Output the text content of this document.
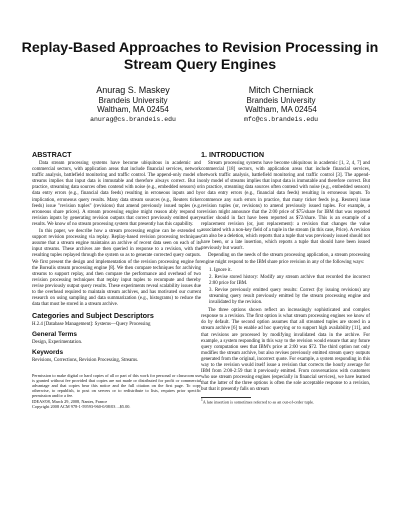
Replay-Based Approaches to Revision Processing in
Stream Query Engines
Anurag S. Maskey
Brandeis University
Waltham, MA 02454
anurag@cs.brandeis.edu
Mitch Cherniack
Brandeis University
Waltham, MA 02454
mfc@cs.brandeis.edu
ABSTRACT

Data stream processing systems have become ubiquitous in academic and commercial sectors, with application areas that include financial services, network traffic analysis, battlefield monitoring and traffic control. The append-only model of streams implies that input data is immutable and therefore always correct. But in practice, streaming data sources often contend with noise (e.g., embedded sensors) or data entry errors (e.g., financial data feeds) resulting in erroneous inputs and by implication, erroneous query results. Many data stream sources (e.g., Reuters ticker feeds) issue "revision tuples" (revisions) that amend previously issued tuples (e.g. erroneous share prices). A stream processing engine might reason ably respond to revision inputs by generating revision outputs that correct previously emitted query results. We know of no stream processing system that presently has this capability.

In this paper, we describe how a stream processing engine can be extended to support revision processing via replay. Replay-based revision processing techniques assume that a stream engine maintains an archive of recent data seen on each of its input streams. These archives are then queried in response to a revision, with the resulting tuples replayed through the system so as to generate corrected query outputs. We first present the design and implementation of the revision processing engine for the Borealis stream processing engine [8]. We then compare techniques for archiving streams to support replay, and then compare the performance and overhead of two revision processing techniques that replay input tuples to recompute and thereby revise previously output query results. These experiments reveal scalability issues due to the overhead required to maintain stream archives, and has motivated our current research on using sampling and data summarization (e.g., histograms) to reduce the data that must be stored in a stream archive.

Categories and Subject Descriptors

H.2.4 [Database Management]: Systems—Query Processing

General Terms

Design, Experimentation.

Keywords

Revisions, Corrections, Revision Processing, Streams.

Permission to make digital or hard copies of all or part of this work for personal or classroom use is granted without fee provided that copies are not made or distributed for profit or commercial advantage and that copies bear this notice and the full citation on the first page. To copy otherwise, to republish, to post on servers or to redistribute to lists, requires prior specific permission and/or a fee.
IDEAS'08, March 29, 2008, Nantes, France
Copyright 2008 ACM 978-1-59593-960-0/08/03 ...$5.00.
1. INTRODUCTION

Stream processing systems have become ubiquitous in academic [1, 2, 4, 7] and commercial [18] sectors, with application areas that include financial services, network traffic analysis, battlefield monitoring and traffic control [3]. The append-only model of streams implies that input data is immutable and therefore correct. But in practice, streaming data sources often contend with noise (e.g., embedded sensors) or data entry errors (e.g., financial data feeds) resulting in erroneous inputs. To commence any such errors in practice, that many ticker feeds (e.g. Reuters) issue revision tuples (or, revisions) to amend previously issued tuples. For example, a revision might announce that the 2:00 price of $75/share for IBM that was reported earlier should in fact have been reported as $72/share. This is an example of a replacement revision (or, just replacement): a revision that changes the value associated with a non-key field of a tuple in the stream (in this case, Price). A revision can also be a deletion, which reports that a tuple that was previously issued should not have been, or a late insertion, which reports a tuple that should have been issued previously but wasn't.

Depending on the needs of the stream processing application, a stream processing engine might respond to the IBM share price revision in any of the following ways:

1. Ignore it.
2. Revise stored history: Modify any stream archive that recorded the incorrect 2:00 price for IBM.
3. Revise previously emitted query results: Correct (by issuing revisions) any streaming query result previously emitted by the stream processing engine and invalidated by the revision.

The three options shown reflect an increasingly sophisticated and complex response to a revision. The first option is what stream processing engines we know of do by default. The second option assumes that all streamed tuples are stored in a stream archive [6] to enable ad hoc querying or to support high availability [11], and that revisions are processed by modifying invalidated data in the archive. For example, a system responding in this way to the revision would ensure that any future query computation sees that IBM's price at 2:00 was $72. The third option not only modifies the stream archive, but also revises previously emitted stream query outputs generated from the original, incorrect quote. For example, a system responding in this way to the revision would itself issue a revision that corrects the hourly average for IBM from 2:00-2:59 that it previously emitted. From conversations with customers who use stream processing engines (especially in financial services), we have learned that the latter of the three options is often the sole acceptable response to a revision, but that it presently falls on stream

$^1$A late insertion is sometimes referred to as an out-of-order tuple.
